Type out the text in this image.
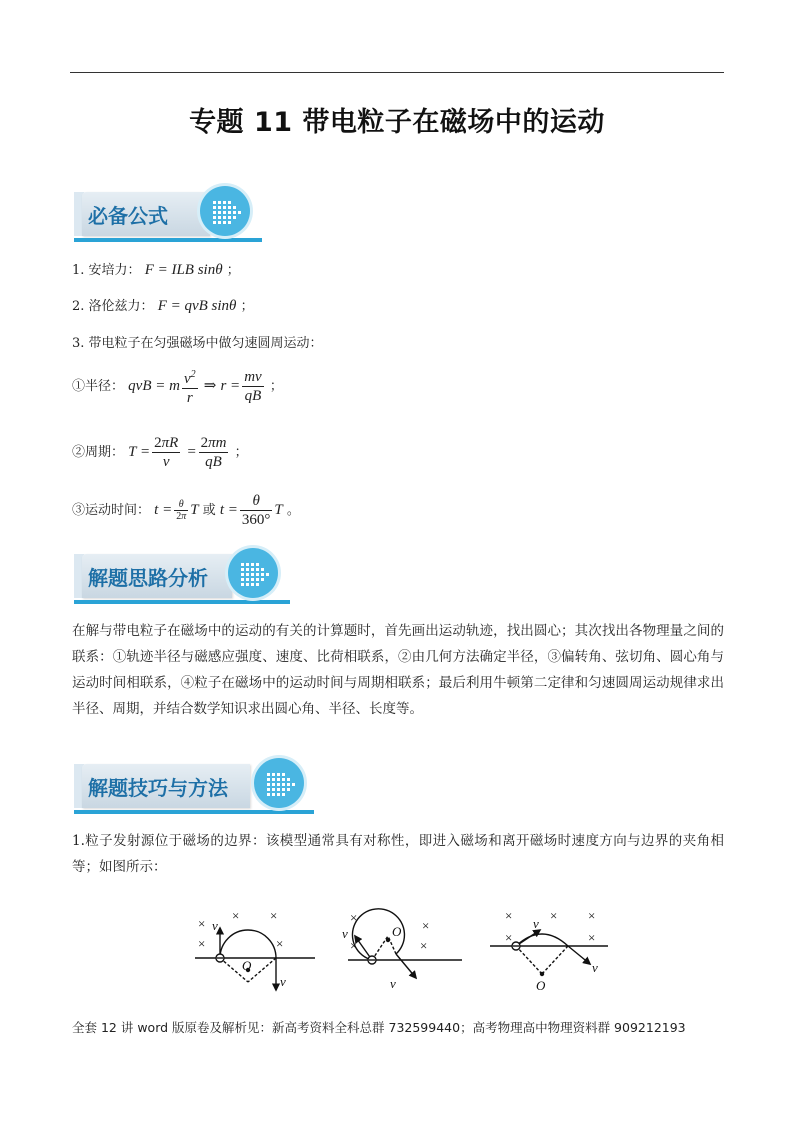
专题 11 带电粒子在磁场中的运动
必备公式
1. 安培力： F = ILB sinθ ；
2. 洛伦兹力： F = qvB sinθ ；
3. 带电粒子在匀强磁场中做匀速圆周运动：
①半径： qvB = m $\frac{v^2}{r}$ ⇒ $r = \frac{mv}{qB}$ ；
②周期： $T = \frac{2\pi R}{v} = \frac{2\pi m}{qB}$ ；
③运动时间： $t = \frac{\theta}{2\pi}$ T 或 $t = \frac{\theta}{360^\circ}$ T 。
解题思路分析
在解与带电粒子在磁场中的运动的有关的计算题时，首先画出运动轨迹，找出圆心；其次找出各物理量之间的联系：①轨迹半径与磁感应强度、速度、比荷相联系，②由几何方法确定半径，③偏转角、弦切角、圆心角与运动时间相联系，④粒子在磁场中的运动时间与周期相联系；最后利用牛顿第二定律和匀速圆周运动规律求出半径、周期，并结合数学知识求出圆心角、半径、长度等。
解题技巧与方法
1.粒子发射源位于磁场的边界：该模型通常具有对称性，即进入磁场和离开磁场时速度方向与边界的夹角相等；如图所示：
v
v
O
×
×
× ×
×
v
v
O
×
×
×
×
v
v
O
×
×
× ×
×
全套 12 讲 word 版原卷及解析见：新高考资料全科总群 732599440；高考物理高中物理资料群 909212193
